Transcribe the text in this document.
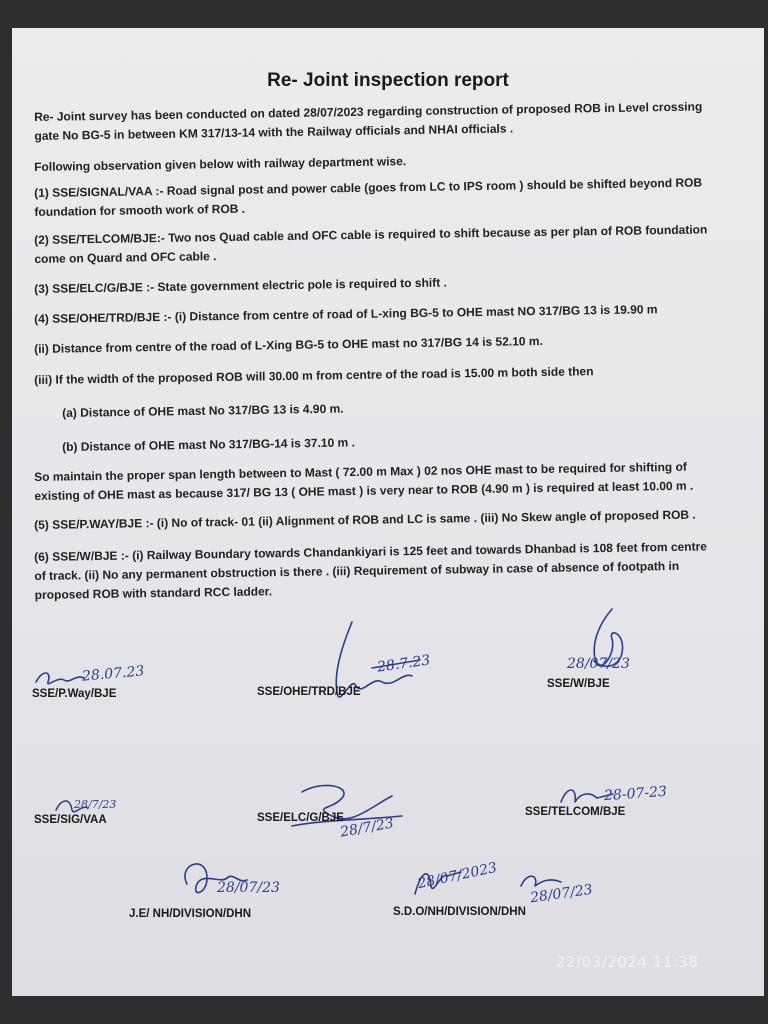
Re- Joint inspection report
Re- Joint survey has been conducted on dated 28/07/2023 regarding construction of proposed ROB in Level crossing
gate No BG-5 in between KM 317/13-14 with the Railway officials and NHAI officials .
Following observation given below with railway department wise.
(1) SSE/SIGNAL/VAA :- Road signal post and power cable (goes from LC to IPS room ) should be shifted beyond ROB
foundation for smooth work of ROB .
(2) SSE/TELCOM/BJE:- Two nos Quad cable and OFC cable is required to shift because as per plan of ROB foundation
come on Quard and OFC cable .
(3) SSE/ELC/G/BJE :- State government electric pole is required to shift .
(4) SSE/OHE/TRD/BJE :- (i) Distance from centre of road of L-xing BG-5 to OHE mast NO 317/BG 13 is 19.90 m
(ii) Distance from centre of the road of L-Xing BG-5 to OHE mast no 317/BG 14 is 52.10 m.
(iii) If the width of the proposed ROB will 30.00 m from centre of the road is 15.00 m both side then
(a) Distance of OHE mast No 317/BG 13 is 4.90 m.
(b) Distance of OHE mast No 317/BG-14 is 37.10 m .
So maintain the proper span length between to Mast ( 72.00 m Max ) 02 nos OHE mast to be required for shifting of
existing of OHE mast as because 317/ BG 13 ( OHE mast ) is very near to ROB (4.90 m ) is required at least 10.00 m .
(5) SSE/P.WAY/BJE :- (i) No of track- 01 (ii) Alignment of ROB and LC is same . (iii) No Skew angle of proposed ROB .
(6) SSE/W/BJE :- (i) Railway Boundary towards Chandankiyari is 125 feet and towards Dhanbad is 108 feet from centre
of track. (ii) No any permanent obstruction is there . (iii) Requirement of subway in case of absence of footpath in
proposed ROB with standard RCC ladder.
28.07.23
SSE/P.Way/BJE
28.7.23
SSE/OHE/TRD/BJE
28/07/23
SSE/W/BJE
28/7/23
SSE/SIG/VAA	28/7/23
SSE/ELC/G/BJE
28-07-23
SSE/TELCOM/BJE
28/07/23
J.E/ NH/DIVISION/DHN
28/07/2023
28/07/23
S.D.O/NH/DIVISION/DHN
22/03/2024 11:38
